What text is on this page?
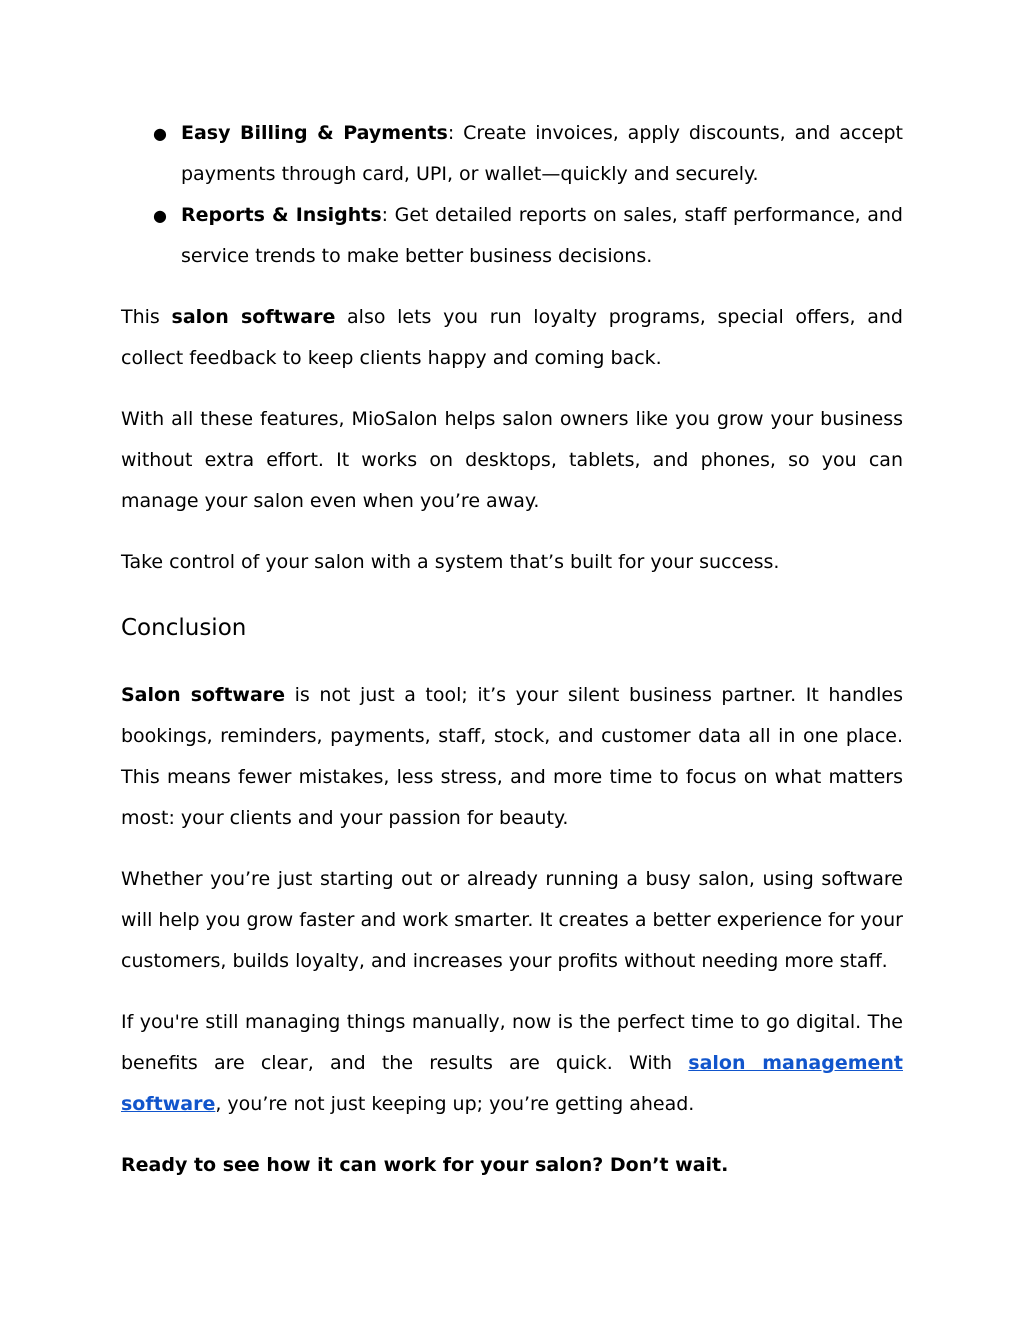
● Easy Billing & Payments: Create invoices, apply discounts, and accept payments through card, UPI, or wallet—quickly and securely.
● Reports & Insights: Get detailed reports on sales, staff performance, and service trends to make better business decisions.

This salon software also lets you run loyalty programs, special offers, and collect feedback to keep clients happy and coming back.

With all these features, MioSalon helps salon owners like you grow your business without extra effort. It works on desktops, tablets, and phones, so you can manage your salon even when you’re away.

Take control of your salon with a system that’s built for your success.

Conclusion

Salon software is not just a tool; it’s your silent business partner. It handles bookings, reminders, payments, staff, stock, and customer data all in one place. This means fewer mistakes, less stress, and more time to focus on what matters most: your clients and your passion for beauty.

Whether you’re just starting out or already running a busy salon, using software will help you grow faster and work smarter. It creates a better experience for your customers, builds loyalty, and increases your profits without needing more staff.

If you're still managing things manually, now is the perfect time to go digital. The benefits are clear, and the results are quick. With salon management software, you’re not just keeping up; you’re getting ahead.

Ready to see how it can work for your salon? Don’t wait.
